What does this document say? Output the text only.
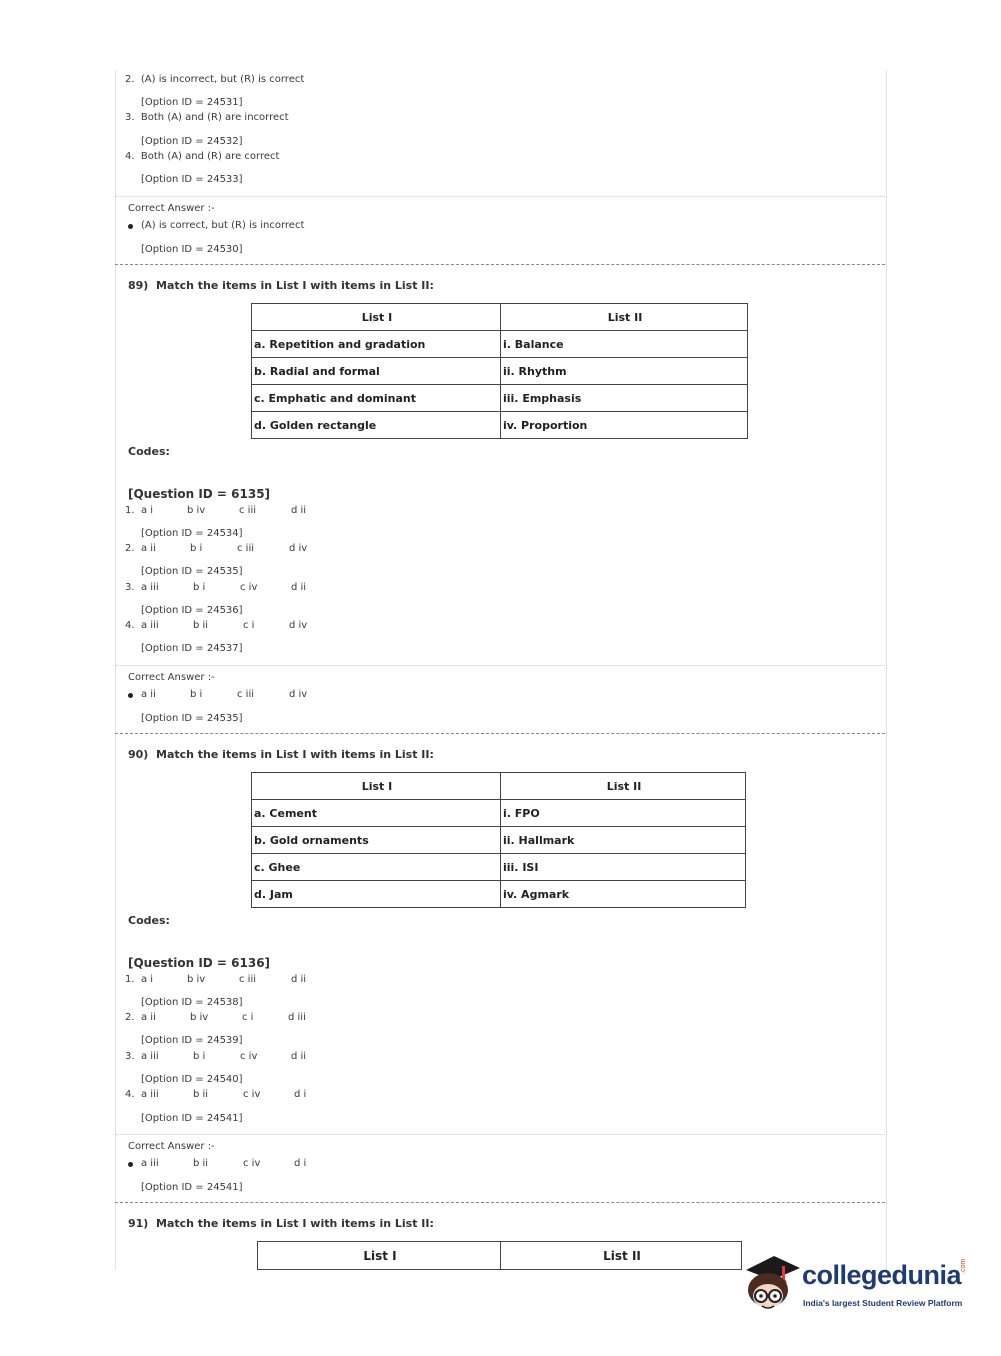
2.  (A) is incorrect, but (R) is correct
[Option ID = 24531]
3.  Both (A) and (R) are incorrect
[Option ID = 24532]
4.  Both (A) and (R) are correct
[Option ID = 24533]
Correct Answer :-
(A) is correct, but (R) is incorrect
[Option ID = 24530]
89)  Match the items in List I with items in List II:
List I	List II
a. Repetition and gradation	i. Balance
b. Radial and formal	ii. Rhythm
c. Emphatic and dominant	iii. Emphasis
d. Golden rectangle	iv. Proportion
Codes:
[Question ID = 6135]
1. a i	b iv	c iii	d ii
[Option ID = 24534]
2. a ii	b i	c iii	d iv
[Option ID = 24535]
3. a iii	b i	c iv	d ii
[Option ID = 24536]
4. a iii	b ii	c i	d iv
[Option ID = 24537]
Correct Answer :-
a ii	b i	c iii	d iv
[Option ID = 24535]
90)  Match the items in List I with items in List II:
List I	List II
a. Cement	i. FPO
b. Gold ornaments	ii. Hallmark
c. Ghee	iii. ISI
d. Jam	iv. Agmark
Codes:
[Question ID = 6136]
1. a i	b iv	c iii	d ii
[Option ID = 24538]
2. a ii	b iv	c i	d iii
[Option ID = 24539]
3. a iii	b i	c iv	d ii
[Option ID = 24540]
4. a iii	b ii	c iv	d i
[Option ID = 24541]
Correct Answer :-
a iii	b ii	c iv	d i
[Option ID = 24541]
91)  Match the items in List I with items in List II:
List I	List II
collegedunia
.com
India's largest Student Review Platform
